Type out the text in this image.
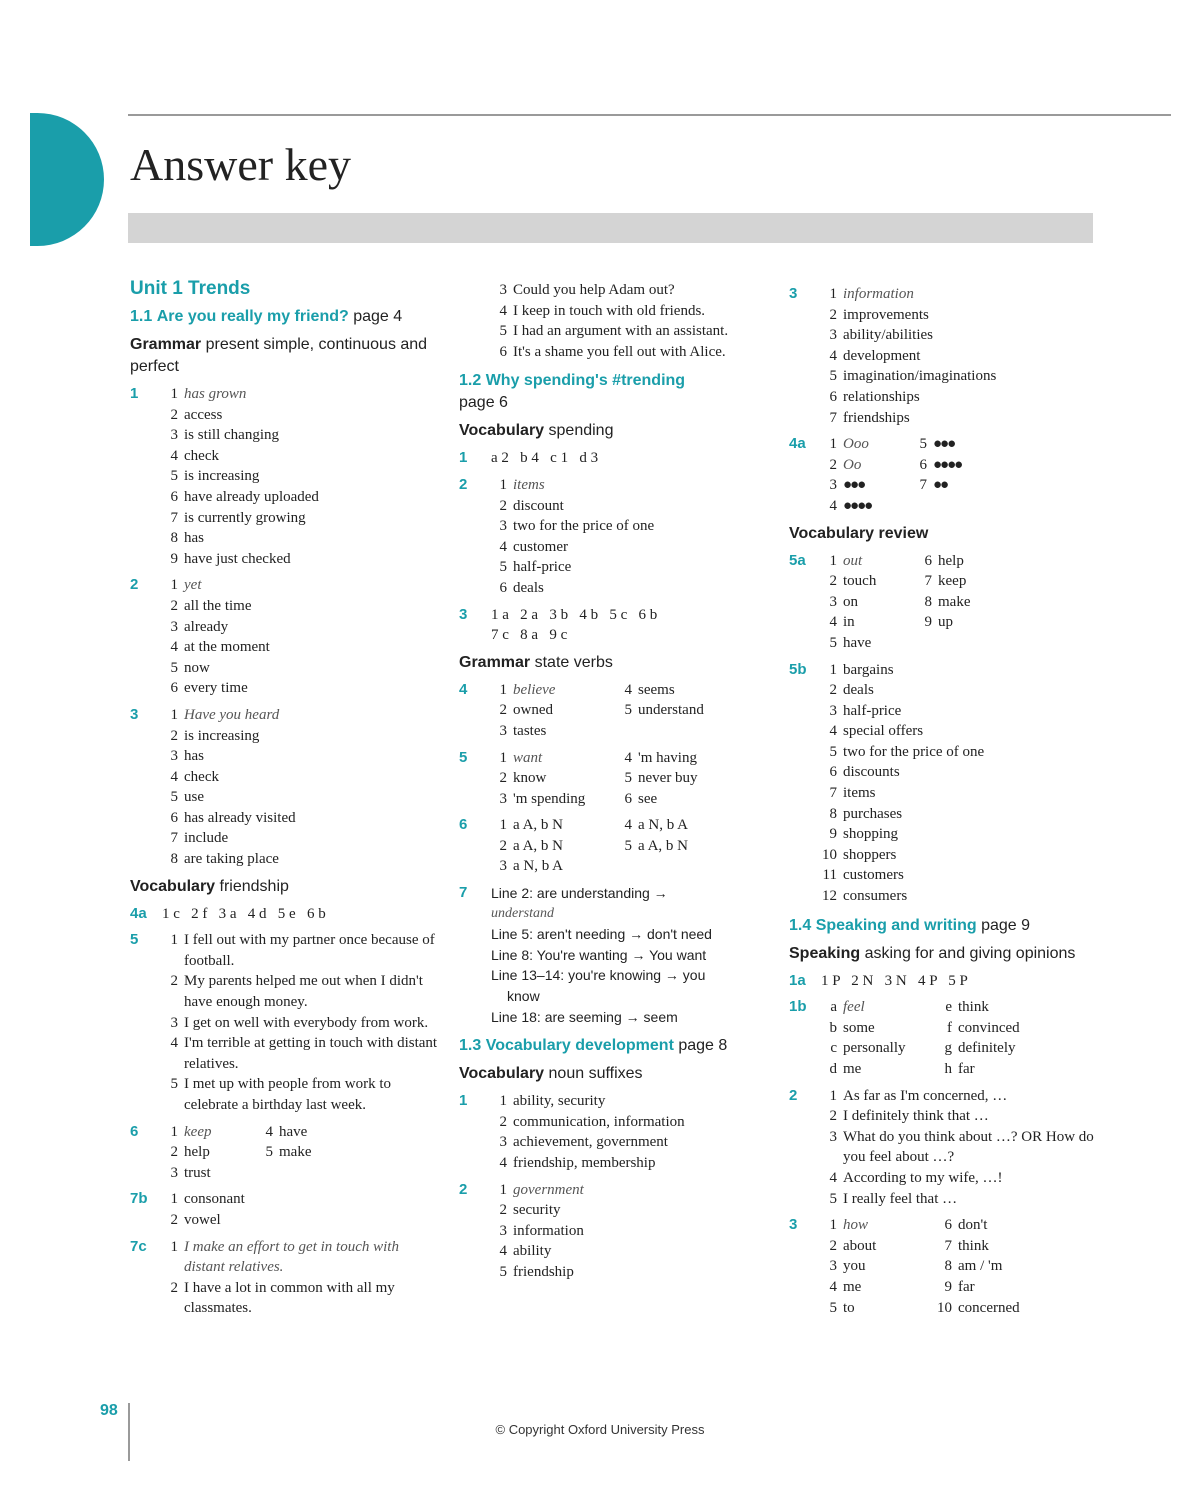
Answer key
Unit 1 Trends
1.1 Are you really my friend? page 4
Grammar present simple, continuous and perfect
1	1 has grown
2 access
3 is still changing
4 check
5 is increasing
6 have already uploaded
7 is currently growing
8 has
9 have just checked
2	1 yet
2 all the time
3 already
4 at the moment
5 now
6 every time
3	1 Have you heard
2 is increasing
3 has
4 check
5 use
6 has already visited
7 include
8 are taking place
Vocabulary friendship
4a	1 c   2 f   3 a   4 d   5 e   6 b
5	1 I fell out with my partner once because of football.
2 My parents helped me out when I didn't have enough money.
3 I get on well with everybody from work.
4 I'm terrible at getting in touch with distant relatives.
5 I met up with people from work to celebrate a birthday last week.
6	1 keep
2 help
3 trust
4 have
5 make
7b	1 consonant
2 vowel
7c	1 I make an effort to get in touch with distant relatives.
2 I have a lot in common with all my classmates.
3 Could you help Adam out?
4 I keep in touch with old friends.
5 I had an argument with an assistant.
6 It's a shame you fell out with Alice.
1.2 Why spending's #trending
page 6
Vocabulary spending
1	a 2   b 4   c 1   d 3
2	1 items
2 discount
3 two for the price of one
4 customer
5 half-price
6 deals
3	1 a   2 a   3 b   4 b   5 c   6 b
7 c   8 a   9 c
Grammar state verbs
4	1 believe
2 owned
3 tastes
4 seems
5 understand
5	1 want
2 know
3 'm spending
4 'm having
5 never buy
6 see
6	1 a A, b N
2 a A, b N
3 a N, b A
4 a N, b A
5 a A, b N
7	Line 2: are understanding →
understand
Line 5: aren't needing → don't need
Line 8: You're wanting → You want
Line 13–14: you're knowing → you
know
Line 18: are seeming → seem
1.3 Vocabulary development page 8
Vocabulary noun suffixes
1	1 ability, security
2 communication, information
3 achievement, government
4 friendship, membership
2	1 government
2 security
3 information
4 ability
5 friendship
3	1 information
2 improvements
3 ability/abilities
4 development
5 imagination/imaginations
6 relationships
7 friendships
4a	1 Ooo
2 Oo
3 ●●●
4 ●●●●
5 ●●●
6 ●●●●
7 ●●
Vocabulary review
5a	1 out
2 touch
3 on
4 in
5 have
6 help
7 keep
8 make
9 up
5b	1 bargains
2 deals
3 half-price
4 special offers
5 two for the price of one
6 discounts
7 items
8 purchases
9 shopping
10 shoppers
11 customers
12 consumers
1.4 Speaking and writing page 9
Speaking asking for and giving opinions
1a	1 P   2 N   3 N   4 P   5 P
1b	a feel
b some
c personally
d me
e think
f convinced
g definitely
h far
2	1 As far as I'm concerned, …
2 I definitely think that …
3 What do you think about …? OR How do you feel about …?
4 According to my wife, …!
5 I really feel that …
3	1 how
2 about
3 you
4 me
5 to
6 don't
7 think
8 am / 'm
9 far
10 concerned
98
© Copyright Oxford University Press
